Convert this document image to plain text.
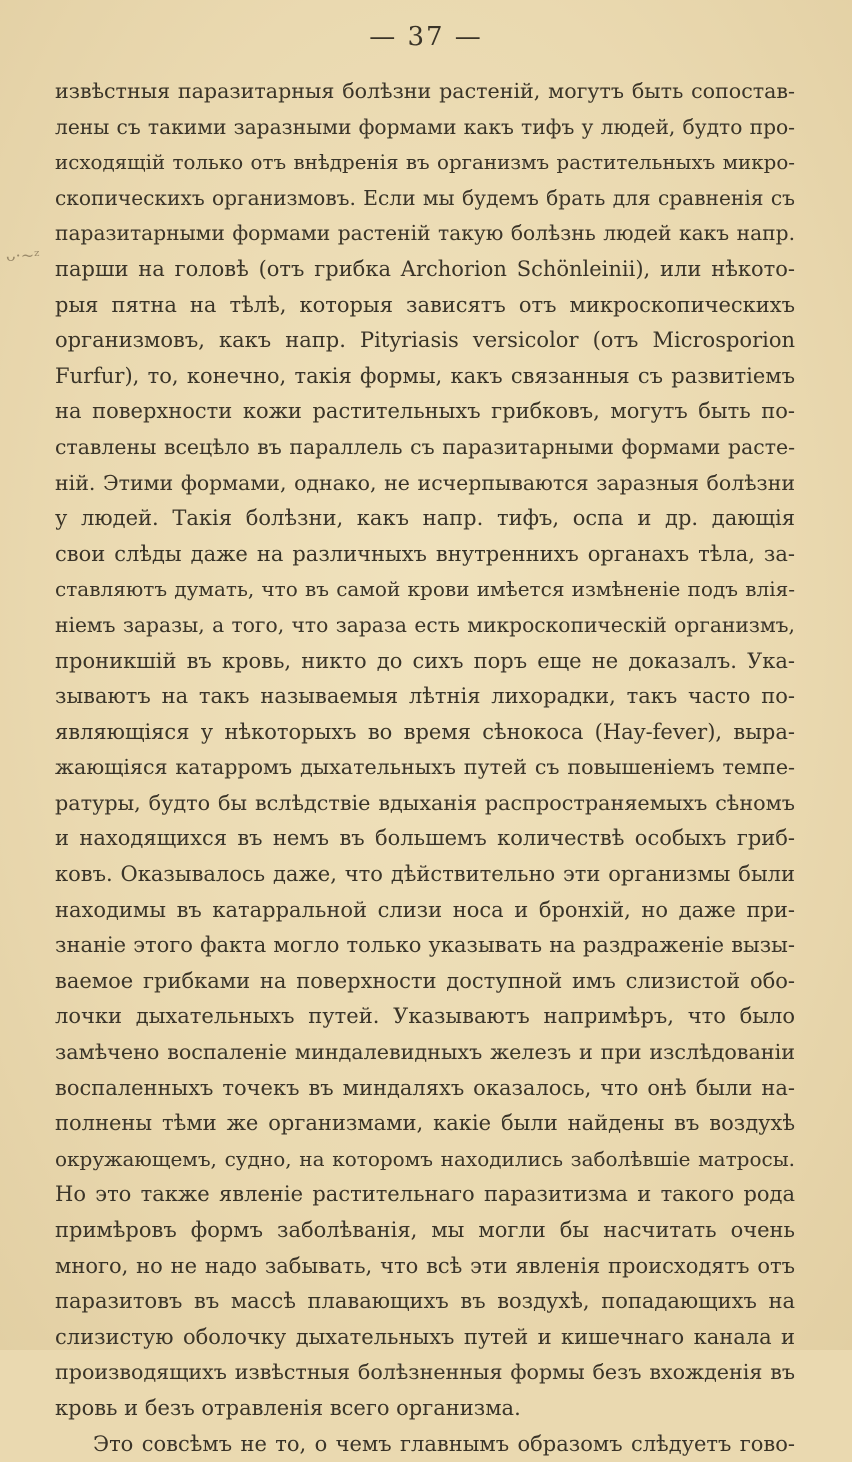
— 37 —
ᴗ·~ᶻ
извѣстныя паразитарныя болѣзни растенiй, могутъ быть сопостав-
лены съ такими заразными формами какъ тифъ у людей, будто про-
исходящiй только отъ внѣдренiя въ организмъ растительныхъ микро-
скопическихъ организмовъ. Если мы будемъ брать для сравненiя съ
паразитарными формами растенiй такую болѣзнь людей какъ напр.
парши на головѣ (отъ грибка Archorion Schönleinii), или нѣкото-
рыя пятна на тѣлѣ, которыя зависятъ отъ микроскопическихъ
организмовъ, какъ напр. Pityriasis versicolor (отъ Microsporion
Furfur), то, конечно, такiя формы, какъ связанныя съ развитiемъ
на поверхности кожи растительныхъ грибковъ, могутъ быть по-
ставлены всецѣло въ параллель съ паразитарными формами расте-
нiй. Этими формами, однако, не исчерпываются заразныя болѣзни
у людей. Такiя болѣзни, какъ напр. тифъ, оспа и др. дающiя
свои слѣды даже на различныхъ внутреннихъ органахъ тѣла, за-
ставляютъ думать, что въ самой крови имѣется измѣненiе подъ влiя-
нiемъ заразы, а того, что зараза есть микроскопическiй организмъ,
проникшiй въ кровь, никто до сихъ поръ еще не доказалъ. Ука-
зываютъ на такъ называемыя лѣтнiя лихорадки, такъ часто по-
являющiяся у нѣкоторыхъ во время сѣнокоса (Hay-fever), выра-
жающiяся катарромъ дыхательныхъ путей съ повышенiемъ темпе-
ратуры, будто бы вслѣдствiе вдыханiя распространяемыхъ сѣномъ
и находящихся въ немъ въ большемъ количествѣ особыхъ гриб-
ковъ. Оказывалось даже, что дѣйствительно эти организмы были
находимы въ катарральной слизи носа и бронхiй, но даже при-
знанiе этого факта могло только указывать на раздраженiе вызы-
ваемое грибками на поверхности доступной имъ слизистой обо-
лочки дыхательныхъ путей. Указываютъ напримѣръ, что было
замѣчено воспаленiе миндалевидныхъ железъ и при изслѣдованiи
воспаленныхъ точекъ въ миндаляхъ оказалось, что онѣ были на-
полнены тѣми же организмами, какiе были найдены въ воздухѣ
окружающемъ, судно, на которомъ находились заболѣвшiе матросы.
Но это также явленiе растительнаго паразитизма и такого рода
примѣровъ формъ заболѣванiя, мы могли бы насчитать очень
много, но не надо забывать, что всѣ эти явленiя происходятъ отъ
паразитовъ въ массѣ плавающихъ въ воздухѣ, попадающихъ на
слизистую оболочку дыхательныхъ путей и кишечнаго канала и
производящихъ извѣстныя болѣзненныя формы безъ вхожденiя въ
кровь и безъ отравленiя всего организма.
Это совсѣмъ не то, о чемъ главнымъ образомъ слѣдуетъ гово-
